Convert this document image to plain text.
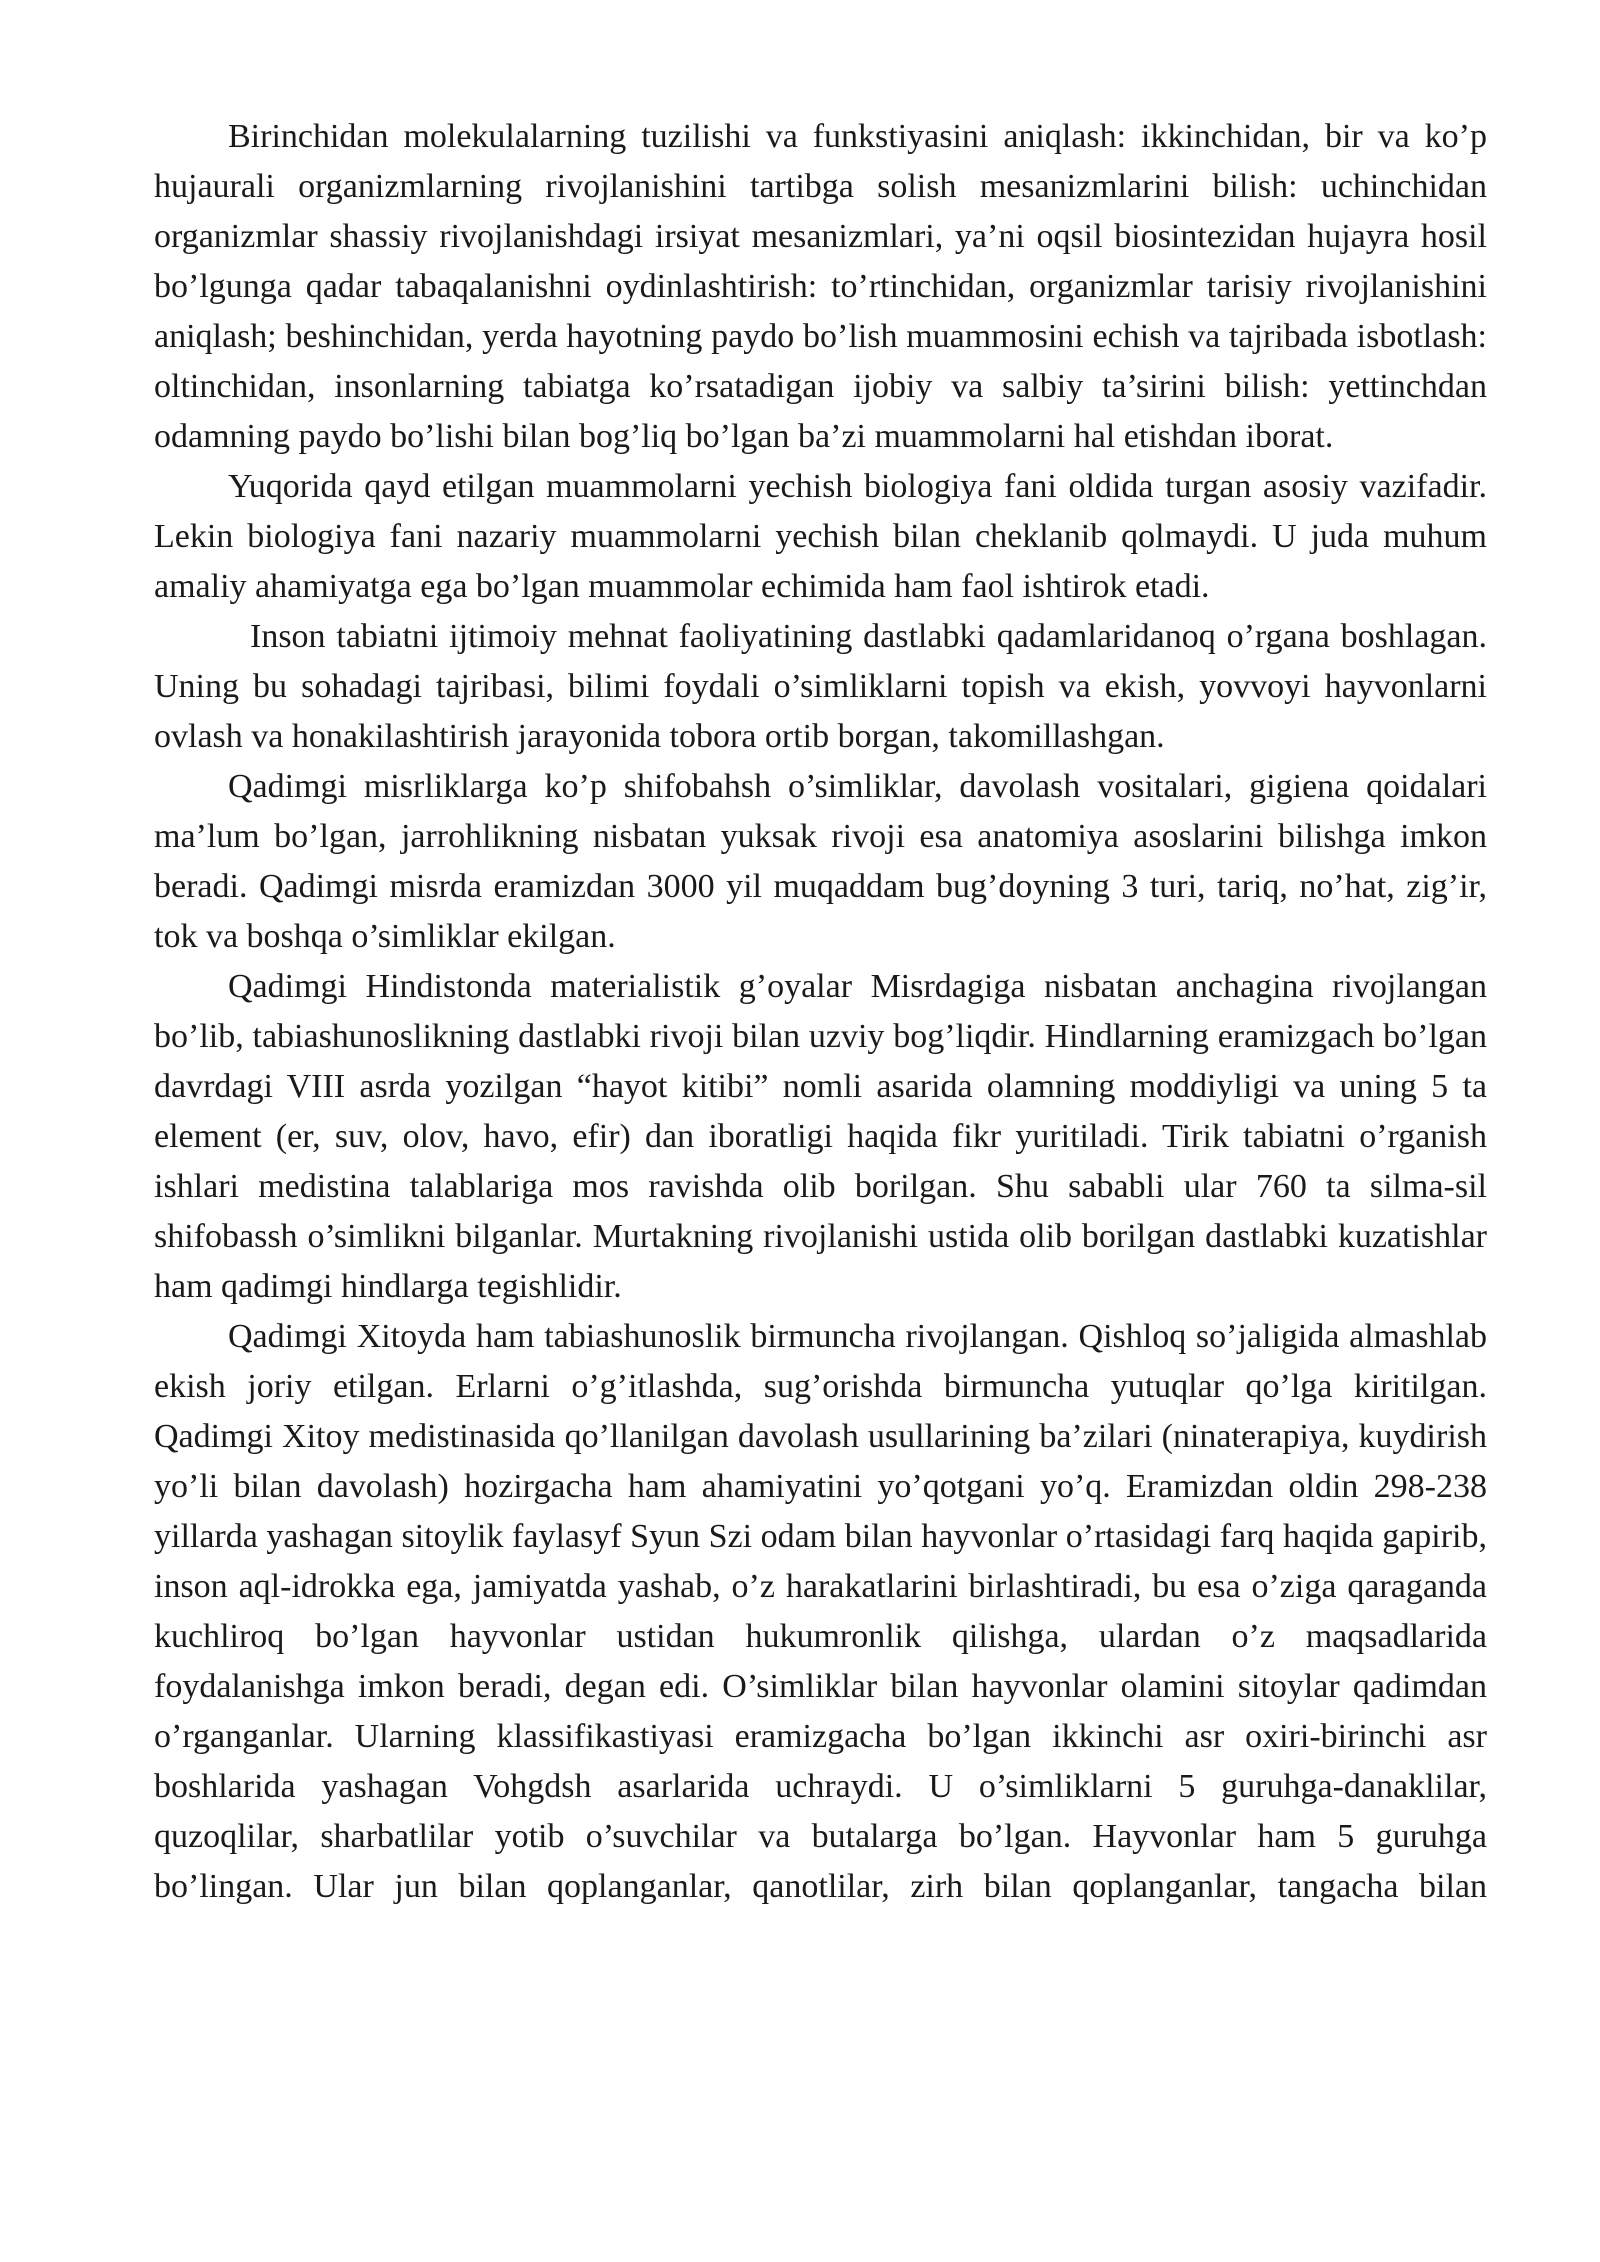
Birinchidan molekulalarning tuzilishi va funkstiyasini aniqlash: ikkinchidan, bir va ko’p hujaurali organizmlarning rivojlanishini tartibga solish mesanizmlarini bilish: uchinchidan organizmlar shassiy rivojlanishdagi irsiyat mesanizmlari, ya’ni oqsil biosintezidan hujayra hosil bo’lgunga qadar tabaqalanishni oydinlashtirish: to’rtinchidan, organizmlar tarisiy rivojlanishini aniqlash; beshinchidan, yerda hayotning paydo bo’lish muammosini echish va tajribada isbotlash: oltinchidan, insonlarning tabiatga ko’rsatadigan ijobiy va salbiy ta’sirini bilish: yettinchdan odamning paydo bo’lishi bilan bog’liq bo’lgan ba’zi muammolarni hal etishdan iborat.

Yuqorida qayd etilgan muammolarni yechish biologiya fani oldida turgan asosiy vazifadir. Lekin biologiya fani nazariy muammolarni yechish bilan cheklanib qolmaydi. U juda muhum amaliy ahamiyatga ega bo’lgan muammolar echimida ham faol ishtirok etadi.

Inson tabiatni ijtimoiy mehnat faoliyatining dastlabki qadamlaridanoq o’rgana boshlagan. Uning bu sohadagi tajribasi, bilimi foydali o’simliklarni topish va ekish, yovvoyi hayvonlarni ovlash va honakilashtirish jarayonida tobora ortib borgan, takomillashgan.

Qadimgi misrliklarga ko’p shifobahsh o’simliklar, davolash vositalari, gigiena qoidalari ma’lum bo’lgan, jarrohlikning nisbatan yuksak rivoji esa anatomiya asoslarini bilishga imkon beradi. Qadimgi misrda eramizdan 3000 yil muqaddam bug’doyning 3 turi, tariq, no’hat, zig’ir, tok va boshqa o’simliklar ekilgan.

Qadimgi Hindistonda materialistik g’oyalar Misrdagiga nisbatan anchagina rivojlangan bo’lib, tabiashunoslikning dastlabki rivoji bilan uzviy bog’liqdir. Hindlarning eramizgach bo’lgan davrdagi VIII asrda yozilgan “hayot kitibi” nomli asarida olamning moddiyligi va uning 5 ta element (er, suv, olov, havo, efir) dan iboratligi haqida fikr yuritiladi. Tirik tabiatni o’rganish ishlari medistina talablariga mos ravishda olib borilgan. Shu sababli ular 760 ta silma-sil shifobassh o’simlikni bilganlar. Murtakning rivojlanishi ustida olib borilgan dastlabki kuzatishlar ham qadimgi hindlarga tegishlidir.

Qadimgi Xitoyda ham tabiashunoslik birmuncha rivojlangan. Qishloq so’jaligida almashlab ekish joriy etilgan. Erlarni o’g’itlashda, sug’orishda birmuncha yutuqlar qo’lga kiritilgan. Qadimgi Xitoy medistinasida qo’llanilgan davolash usullarining ba’zilari (ninaterapiya, kuydirish yo’li bilan davolash) hozirgacha ham ahamiyatini yo’qotgani yo’q. Eramizdan oldin 298-238 yillarda yashagan sitoylik faylasyf Syun Szi odam bilan hayvonlar o’rtasidagi farq haqida gapirib, inson aql-idrokka ega, jamiyatda yashab, o’z harakatlarini birlashtiradi, bu esa o’ziga qaraganda kuchliroq bo’lgan hayvonlar ustidan hukumronlik qilishga, ulardan o’z maqsadlarida foydalanishga imkon beradi, degan edi. O’simliklar bilan hayvonlar olamini sitoylar qadimdan o’rganganlar. Ularning klassifikastiyasi eramizgacha bo’lgan ikkinchi asr oxiri-birinchi asr boshlarida yashagan Vohgdsh asarlarida uchraydi. U o’simliklarni 5 guruhga-danaklilar, quzoqlilar, sharbatlilar yotib o’suvchilar va butalarga bo’lgan. Hayvonlar ham 5 guruhga bo’lingan. Ular jun bilan qoplanganlar, qanotlilar, zirh bilan qoplanganlar, tangacha bilan
